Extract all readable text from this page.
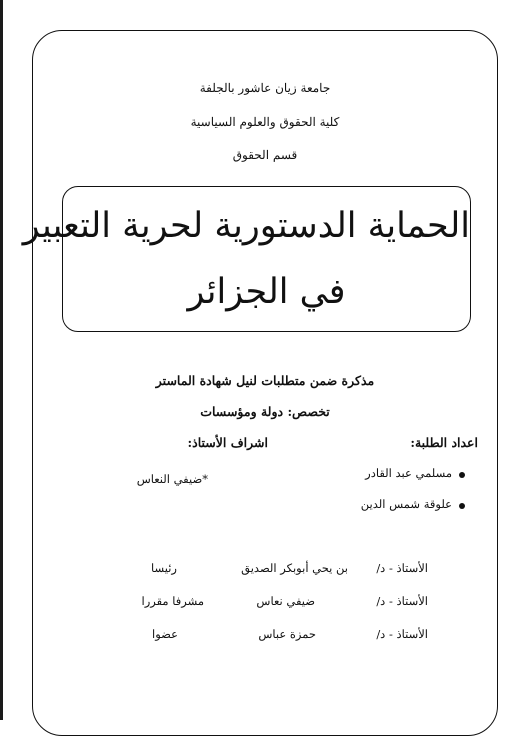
جامعة زيان عاشور بالجلفة
كلية الحقوق والعلوم السياسية
قسم الحقوق
الحماية الدستورية لحرية التعبير
في الجزائر
مذكرة ضمن متطلبات لنيل شهادة الماستر
تخصص: دولة ومؤسسات
اعداد الطلبة:
اشراف الأستاذ:
مسلمي عبد القادر
علوقة شمس الدين
*ضيفي النعاس
الأستاذ - د/
بن يحي أبوبكر الصديق
رئيسا
الأستاذ - د/
ضيفي نعاس
مشرفا مقررا
الأستاذ - د/
حمزة عباس
عضوا
